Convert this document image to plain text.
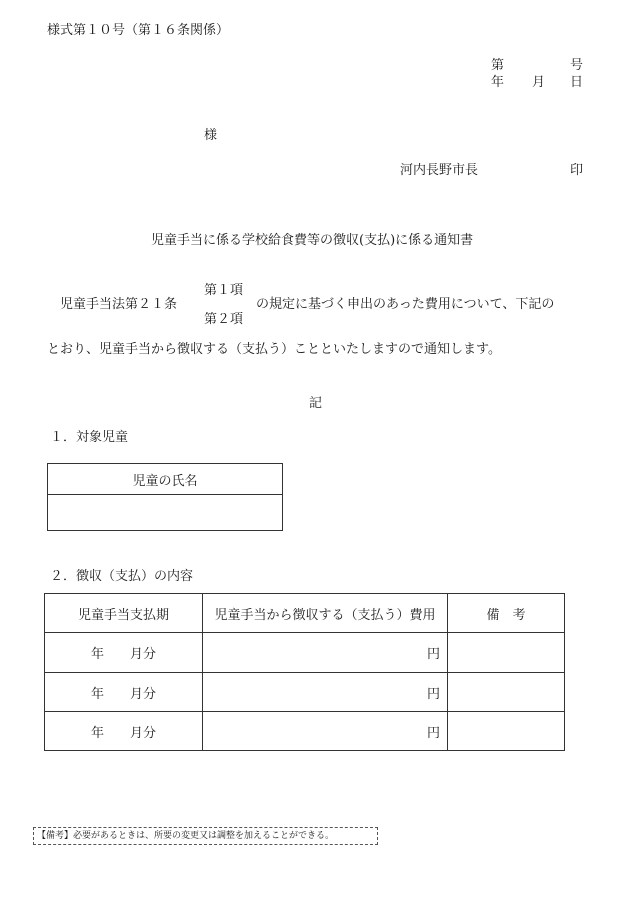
様式第１０号（第１６条関係）
第	号
年 月 日
様
河内長野市長	印
児童手当に係る学校給食費等の徴収(支払)に係る通知書
第１項
児童手当法第２１条	の規定に基づく申出のあった費用について、下記の
第２項
とおり、児童手当から徴収する（支払う）ことといたしますので通知します。
記
１．対象児童
児童の氏名
２．徴収（支払）の内容
児童手当支払期	児童手当から徴収する（支払う）費用	備　考
年 月分	円
年 月分	円
年 月分	円
【備考】必要があるときは、所要の変更又は調整を加えることができる。
